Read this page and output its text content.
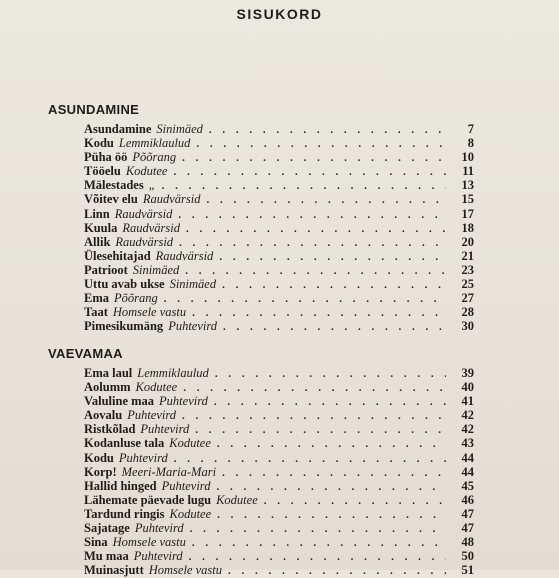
SISUKORD
ASUNDAMINE
Asundamine Sinimäed . . .	7
Kodu Lemmiklaulud . . .	8
Püha öö Põõrang . . .	10
Tööelu Kodutee . . .	11
Mälestades „ . . .	13
Võitev elu Raudvärsid . . .	15
Linn Raudvärsid . . .	17
Kuula Raudvärsid . . .	18
Allik Raudvärsid . . .	20
Ülesehitajad Raudvärsid . . .	21
Patrioot Sinimäed . . .	23
Uttu avab ukse Sinimäed . . .	25
Ema Põõrang . . .	27
Taat Homsele vastu . . .	28
Pimesikumäng Puhtevird . . .	30
VAEVAMAA
Ema laul Lemmiklaulud . . .	39
Aolumm Kodutee . . .	40
Valuline maa Puhtevird . . .	41
Aovalu Puhtevird . . .	42
Ristkõlad Puhtevird . . .	42
Kodanluse tala Kodutee . . .	43
Kodu Puhtevird . . .	44
Korp! Meeri-Maria-Mari . . .	44
Hallid hinged Puhtevird . . .	45
Lähemate päevade lugu Kodutee . . .	46
Tardund ringis Kodutee . . .	47
Sajatage Puhtevird . . .	47
Sina Homsele vastu . . .	48
Mu maa Puhtevird . . .	50
Muinasjutt Homsele vastu . . .	51
